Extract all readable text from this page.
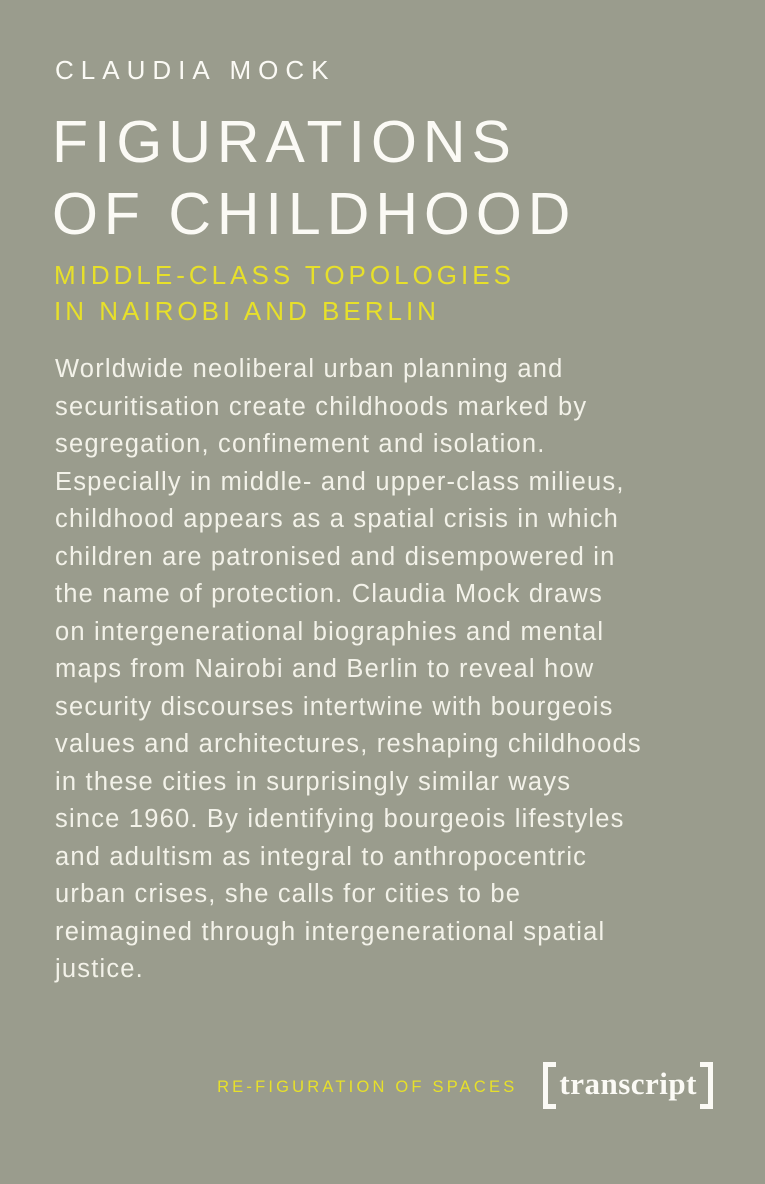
CLAUDIA MOCK
FIGURATIONS
OF CHILDHOOD
MIDDLE-CLASS TOPOLOGIES
IN NAIROBI AND BERLIN
Worldwide neoliberal urban planning and
securitisation create childhoods marked by
segregation, confinement and isolation.
Especially in middle- and upper-class milieus,
childhood appears as a spatial crisis in which
children are patronised and disempowered in
the name of protection. Claudia Mock draws
on intergenerational biographies and mental
maps from Nairobi and Berlin to reveal how
security discourses intertwine with bourgeois
values and architectures, reshaping childhoods
in these cities in surprisingly similar ways
since 1960. By identifying bourgeois lifestyles
and adultism as integral to anthropocentric
urban crises, she calls for cities to be
reimagined through intergenerational spatial
justice.
RE-FIGURATION OF SPACES transcript
